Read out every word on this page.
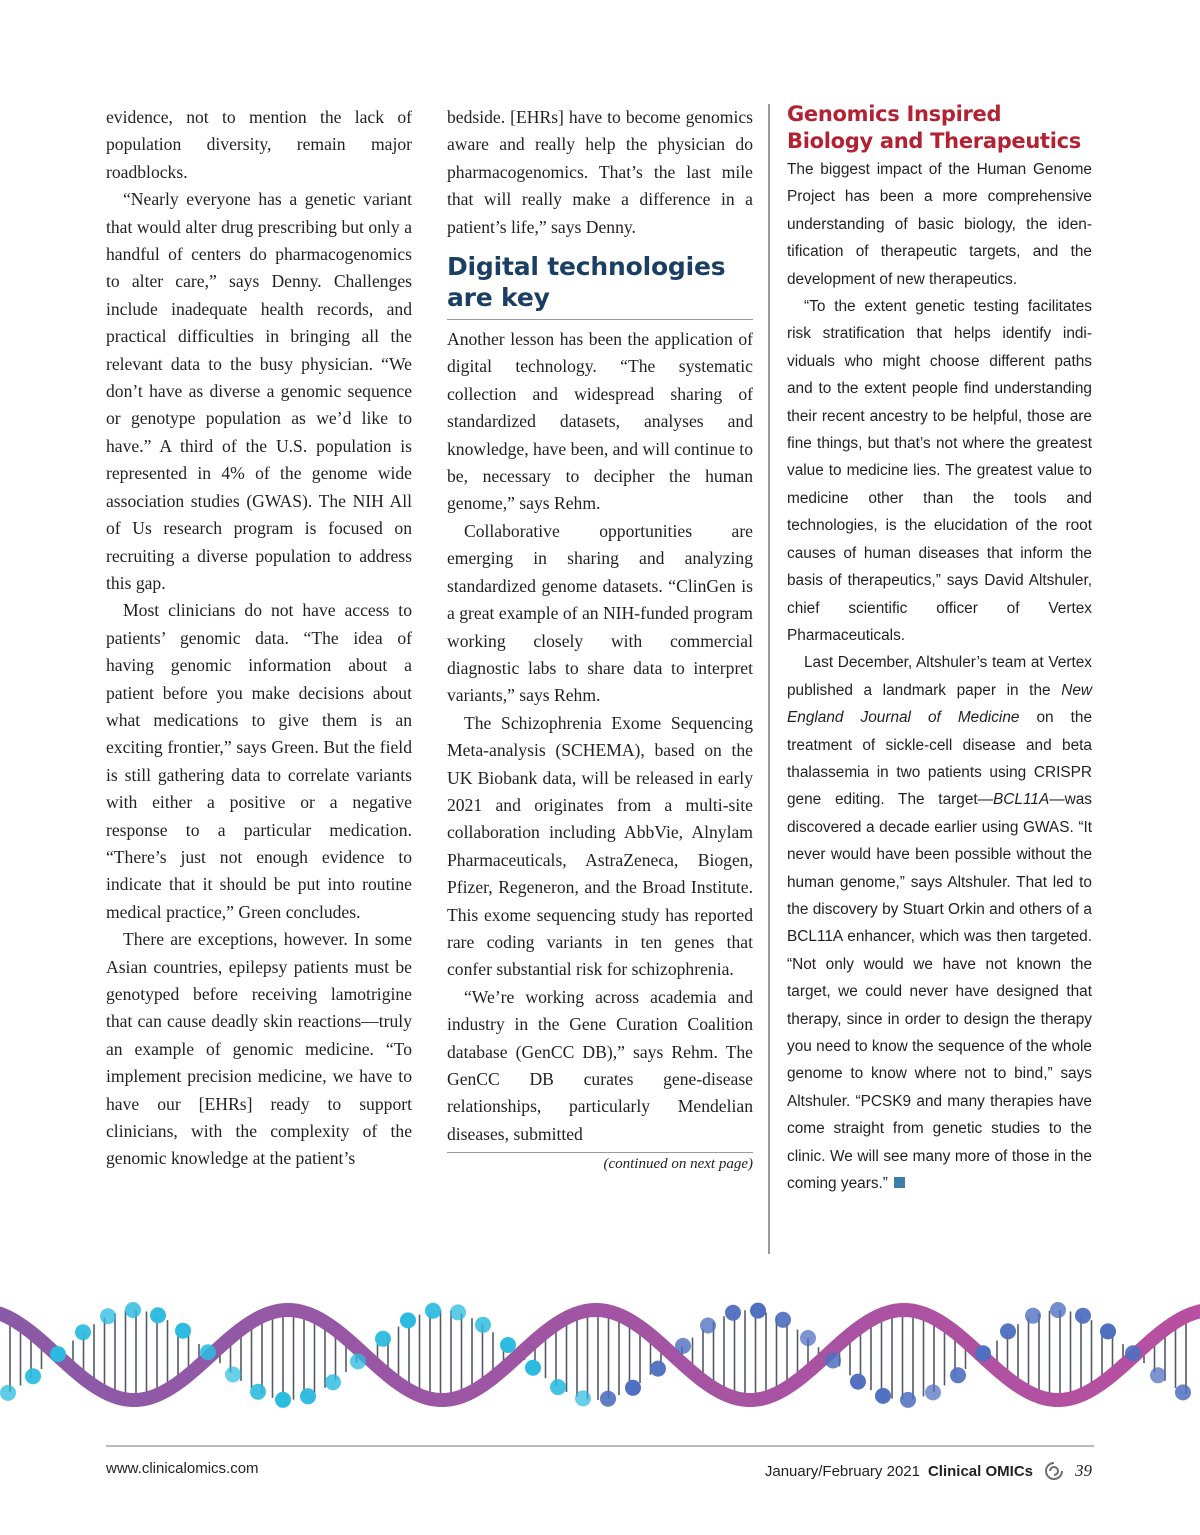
evidence, not to mention the lack of population diversity, remain major roadblocks.

“Nearly everyone has a genetic variant that would alter drug prescribing but only a handful of centers do pharmacogenomics to alter care,” says Denny. Challenges include inadequate health records, and practical difficulties in bringing all the relevant data to the busy physician. “We don’t have as diverse a genomic sequence or genotype population as we’d like to have.” A third of the U.S. population is represented in 4% of the genome wide association studies (GWAS). The NIH All of Us research program is focused on recruiting a diverse population to address this gap.

Most clinicians do not have access to patients’ genomic data. “The idea of having genomic information about a patient before you make decisions about what medications to give them is an exciting frontier,” says Green. But the field is still gathering data to correlate variants with either a positive or a negative response to a particular medication. “There’s just not enough evidence to indicate that it should be put into routine medical practice,” Green concludes.

There are exceptions, however. In some Asian countries, epilepsy patients must be genotyped before receiving lamotrigine that can cause deadly skin reactions—truly an example of genomic medicine. “To implement precision medicine, we have to have our [EHRs] ready to support clinicians, with the complexity of the genomic knowledge at the patient’s

bedside. [EHRs] have to become genomics aware and really help the physician do pharmacogenomics. That’s the last mile that will really make a difference in a patient’s life,” says Denny.

Digital technologies are key

Another lesson has been the application of digital technology. “The systematic collection and widespread sharing of standardized datasets, analyses and knowledge, have been, and will continue to be, necessary to decipher the human genome,” says Rehm.

Collaborative opportunities are emerging in sharing and analyzing standardized genome datasets. “ClinGen is a great example of an NIH-funded program working closely with commercial diagnostic labs to share data to interpret variants,” says Rehm.

The Schizophrenia Exome Sequencing Meta-analysis (SCHEMA), based on the UK Biobank data, will be released in early 2021 and originates from a multi-site collaboration including AbbVie, Alnylam Pharmaceuticals, AstraZeneca, Biogen, Pfizer, Regeneron, and the Broad Institute. This exome sequencing study has reported rare coding variants in ten genes that confer substantial risk for schizophrenia.

“We’re working across academia and industry in the Gene Curation Coalition database (GenCC DB),” says Rehm. The GenCC DB curates gene-disease relationships, particularly Mendelian diseases, submitted

(continued on next page)
Genomics Inspired Biology and Therapeutics

The biggest impact of the Human Genome Project has been a more comprehensive understanding of basic biology, the identification of therapeutic targets, and the development of new therapeutics.

“To the extent genetic testing facilitates risk stratification that helps identify individuals who might choose different paths and to the extent people find understanding their recent ancestry to be helpful, those are fine things, but that’s not where the greatest value to medicine lies. The greatest value to medicine other than the tools and technologies, is the elucidation of the root causes of human diseases that inform the basis of therapeutics,” says David Altshuler, chief scientific officer of Vertex Pharmaceuticals.

Last December, Altshuler’s team at Vertex published a landmark paper in the New England Journal of Medicine on the treatment of sickle-cell disease and beta thalassemia in two patients using CRISPR gene editing. The target—BCL11A—was discovered a decade earlier using GWAS. “It never would have been possible without the human genome,” says Altshuler. That led to the discovery by Stuart Orkin and others of a BCL11A enhancer, which was then targeted. “Not only would we have not known the target, we could never have designed that therapy, since in order to design the therapy you need to know the sequence of the whole genome to know where not to bind,” says Altshuler. “PCSK9 and many therapies have come straight from genetic studies to the clinic. We will see many more of those in the coming years.”

www.clinicalomics.com	January/February 2021 Clinical OMICs 39
